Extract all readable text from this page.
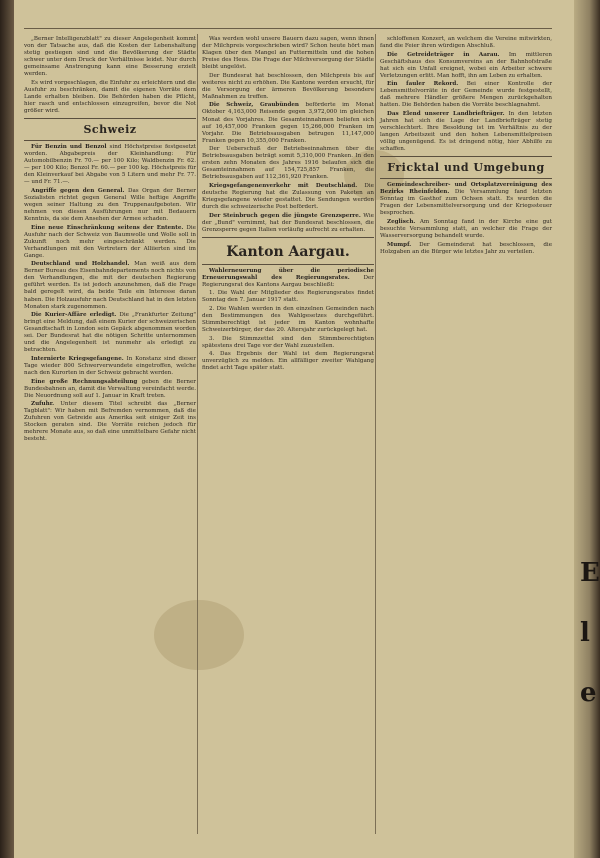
„Berner Intelligenzblatt" zu dieser Angelegenheit kommt von der Tatsache aus, daß die Kosten der Lebenshaltung stetig gestiegen sind und die Bevölkerung der Städte schwer unter dem Druck der Verhältnisse leidet. Nur durch gemeinsame Anstrengung kann eine Besserung erzielt werden.

Es wird vorgeschlagen, die Einfuhr zu erleichtern und die Ausfuhr zu beschränken, damit die eigenen Vorräte dem Lande erhalten bleiben. Die Behörden haben die Pflicht, hier rasch und entschlossen einzugreifen, bevor die Not größer wird.

Schweiz

Für Benzin und Benzol sind Höchstpreise festgesetzt worden. Abgabepreis der Kleinhandlung: Für Automobilbenzin Fr. 70.— per 100 Kilo; Waldbenzin Fr. 62.— per 100 Kilo; Benzol Fr. 60.— per 100 kg. Höchstpreis für den Kleinverkauf bei Abgabe von 5 Litern und mehr Fr. 77.— und Fr. 71.—.

Angriffe gegen den General. Das Organ der Berner Sozialisten richtet gegen General Wille heftige Angriffe wegen seiner Haltung zu den Truppenaufgeboten. Wir nehmen von diesen Ausführungen nur mit Bedauern Kenntnis, da sie dem Ansehen der Armee schaden.

Eine neue Einschränkung seitens der Entente. Die Ausfuhr nach der Schweiz von Baumwolle und Wolle soll in Zukunft noch mehr eingeschränkt werden. Die Verhandlungen mit den Vertretern der Alliierten sind im Gange.

Deutschland und Holzhandel. Man weiß aus dem Berner Bureau des Eisenbahndepartements noch nichts von den Verhandlungen, die mit der deutschen Regierung geführt werden. Es ist jedoch anzunehmen, daß die Frage bald geregelt wird, da beide Teile ein Interesse daran haben. Die Holzausfuhr nach Deutschland hat in den letzten Monaten stark zugenommen.

Die Kurier-Affäre erledigt. Die „Frankfurter Zeitung" bringt eine Meldung, daß einem Kurier der schweizerischen Gesandtschaft in London sein Gepäck abgenommen worden sei. Der Bundesrat hat die nötigen Schritte unternommen und die Angelegenheit ist nunmehr als erledigt zu betrachten.

Internierte Kriegsgefangene. In Konstanz sind dieser Tage wieder 800 Schwerverwundete eingetroffen, welche nach den Kurorten in der Schweiz gebracht werden.

Eine große Rechnungsabteilung geben die Berner Bundesbahnen an, damit die Verwaltung vereinfacht werde. Die Neuordnung soll auf 1. Januar in Kraft treten.

Zufuhr. Unter diesem Titel schreibt das „Berner Tagblatt": Wir haben mit Befremden vernommen, daß die Zufuhren von Getreide aus Amerika seit einiger Zeit ins Stocken geraten sind. Die Vorräte reichen jedoch für mehrere Monate aus, so daß eine unmittelbare Gefahr nicht besteht.

Was werden wohl unsere Bauern dazu sagen, wenn ihnen der Milchpreis vorgeschrieben wird? Schon heute hört man Klagen über den Mangel an Futtermitteln und die hohen Preise des Heus. Die Frage der Milchversorgung der Städte bleibt ungelöst.

Der Bundesrat hat beschlossen, den Milchpreis bis auf weiteres nicht zu erhöhen. Die Kantone werden ersucht, für die Versorgung der ärmeren Bevölkerung besondere Maßnahmen zu treffen.

Die Schweiz, Graubünden beförderte im Monat Oktober 4,163,000 Reisende gegen 3,972,000 im gleichen Monat des Vorjahres. Die Gesamteinnahmen beliefen sich auf 16,457,000 Franken gegen 15,266,000 Franken im Vorjahr. Die Betriebsausgaben betrugen 11,147,000 Franken gegen 10,355,000 Franken.

Der Ueberschuß der Betriebseinnahmen über die Betriebsausgaben beträgt somit 5,310,000 Franken. In den ersten zehn Monaten des Jahres 1916 belaufen sich die Gesamteinnahmen auf 154,725,857 Franken, die Betriebsausgaben auf 112,361,920 Franken.

Kriegsgefangenenverkehr mit Deutschland. Die deutsche Regierung hat die Zulassung von Paketen an Kriegsgefangene wieder gestattet. Die Sendungen werden durch die schweizerische Post befördert.

Der Steinbruch gegen die jüngste Grenzsperre. Wie der „Bund" vernimmt, hat der Bundesrat beschlossen, die Grenzsperre gegen Italien vorläufig aufrecht zu erhalten.

Kanton Aargau.

Wahlerneuerung über die periodische Erneuerungswahl des Regierungsrates. Der Regierungsrat des Kantons Aargau beschließt:

1. Die Wahl der Mitglieder des Regierungsrates findet Sonntag den 7. Januar 1917 statt.

2. Die Wahlen werden in den einzelnen Gemeinden nach den Bestimmungen des Wahlgesetzes durchgeführt. Stimmberechtigt ist jeder im Kanton wohnhafte Schweizerbürger, der das 20. Altersjahr zurückgelegt hat.

3. Die Stimmzettel sind den Stimmberechtigten spätestens drei Tage vor der Wahl zuzustellen.

4. Das Ergebnis der Wahl ist dem Regierungsrat unverzüglich zu melden. Ein allfälliger zweiter Wahlgang findet acht Tage später statt.

schloffenen Konzert, an welchem die Vereine mitwirkten, fand die Feier ihren würdigen Abschluß.

Die Getreideträger in Aarau. Im mittleren Geschäftshaus des Konsumvereins an der Bahnhofstraße hat sich ein Unfall ereignet, wobei ein Arbeiter schwere Verletzungen erlitt. Man hofft, ihn am Leben zu erhalten.

Ein fauler Rekord. Bei einer Kontrolle der Lebensmittelvorräte in der Gemeinde wurde festgestellt, daß mehrere Händler größere Mengen zurückgehalten hatten. Die Behörden haben die Vorräte beschlagnahmt.

Das Elend unserer Landbriefträger. In den letzten Jahren hat sich die Lage der Landbriefträger stetig verschlechtert. Ihre Besoldung ist im Verhältnis zu der langen Arbeitszeit und den hohen Lebensmittelpreisen völlig ungenügend. Es ist dringend nötig, hier Abhilfe zu schaffen.

Fricktal und Umgebung

Gemeindeschreiber- und Ortsplatzvereinigung des Bezirks Rheinfelden. Die Versammlung fand letzten Sonntag im Gasthof zum Ochsen statt. Es wurden die Fragen der Lebensmittelversorgung und der Kriegssteuer besprochen.

Zeglisch. Am Sonntag fand in der Kirche eine gut besuchte Versammlung statt, an welcher die Frage der Wasserversorgung behandelt wurde.

Mumpf. Der Gemeinderat hat beschlossen, die Holzgaben an die Bürger wie letztes Jahr zu verteilen.

E
l
e
